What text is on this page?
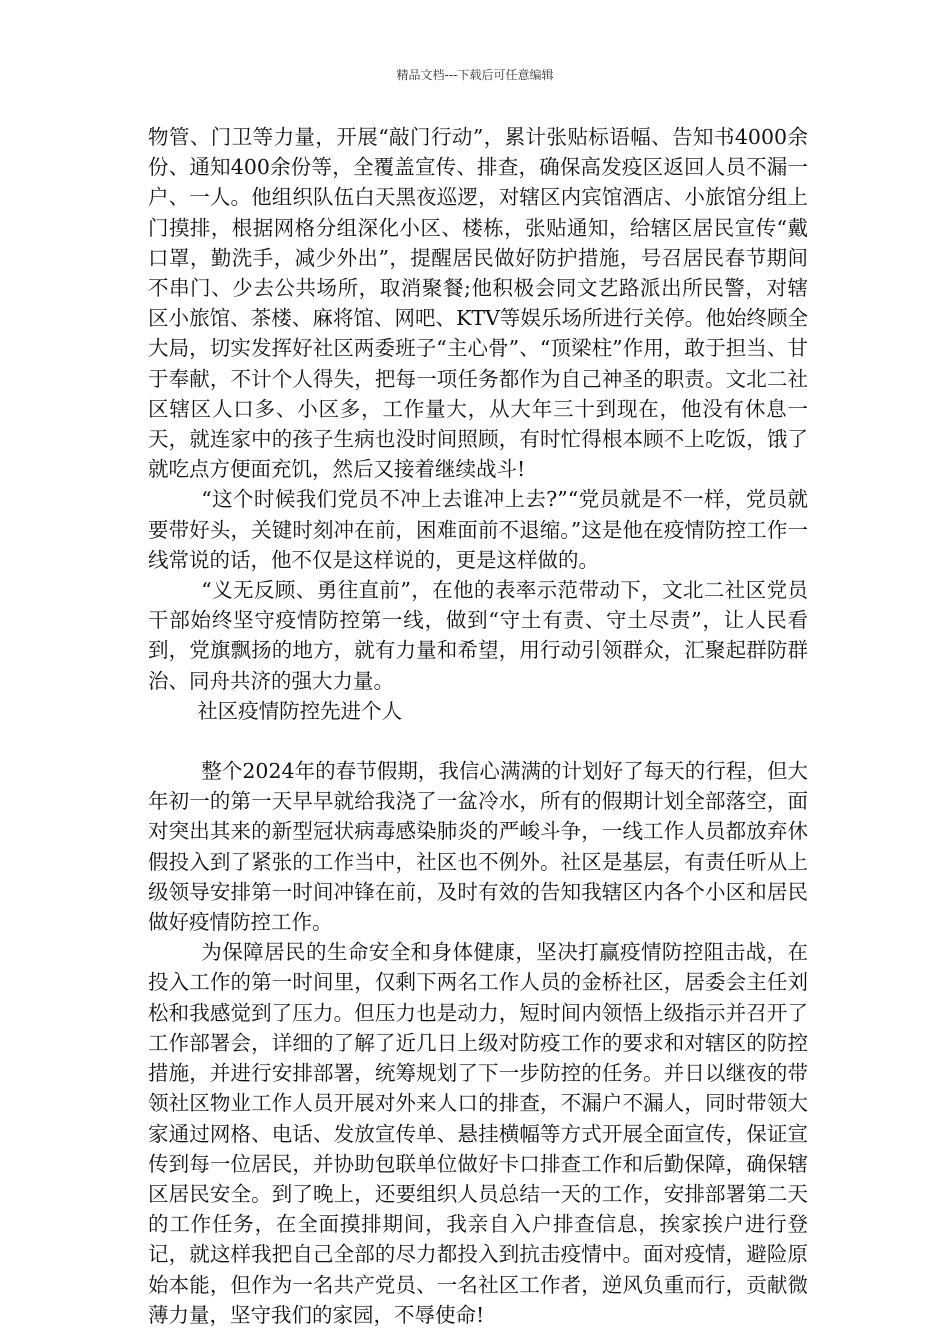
精品文档---下载后可任意编辑

物管、门卫等力量，开展“敲门行动”，累计张贴标语幅、告知书4000余份、通知400余份等，全覆盖宣传、排查，确保高发疫区返回人员不漏一户、一人。他组织队伍白天黑夜巡逻，对辖区内宾馆酒店、小旅馆分组上门摸排，根据网格分组深化小区、楼栋，张贴通知，给辖区居民宣传“戴口罩，勤洗手，减少外出”，提醒居民做好防护措施，号召居民春节期间不串门、少去公共场所，取消聚餐;他积极会同文艺路派出所民警，对辖区小旅馆、茶楼、麻将馆、网吧、KTV等娱乐场所进行关停。他始终顾全大局，切实发挥好社区两委班子“主心骨”、“顶梁柱”作用，敢于担当、甘于奉献，不计个人得失，把每一项任务都作为自己神圣的职责。文北二社区辖区人口多、小区多，工作量大，从大年三十到现在，他没有休息一天，就连家中的孩子生病也没时间照顾，有时忙得根本顾不上吃饭，饿了就吃点方便面充饥，然后又接着继续战斗!

“这个时候我们党员不冲上去谁冲上去?”“党员就是不一样，党员就要带好头，关键时刻冲在前，困难面前不退缩。”这是他在疫情防控工作一线常说的话，他不仅是这样说的，更是这样做的。

“义无反顾、勇往直前”，在他的表率示范带动下，文北二社区党员干部始终坚守疫情防控第一线，做到“守土有责、守土尽责”，让人民看到，党旗飘扬的地方，就有力量和希望，用行动引领群众，汇聚起群防群治、同舟共济的强大力量。

社区疫情防控先进个人

整个2024年的春节假期，我信心满满的计划好了每天的行程，但大年初一的第一天早早就给我浇了一盆冷水，所有的假期计划全部落空，面对突出其来的新型冠状病毒感染肺炎的严峻斗争，一线工作人员都放弃休假投入到了紧张的工作当中，社区也不例外。社区是基层，有责任听从上级领导安排第一时间冲锋在前，及时有效的告知我辖区内各个小区和居民做好疫情防控工作。

为保障居民的生命安全和身体健康，坚决打赢疫情防控阻击战，在投入工作的第一时间里，仅剩下两名工作人员的金桥社区，居委会主任刘松和我感觉到了压力。但压力也是动力，短时间内领悟上级指示并召开了工作部署会，详细的了解了近几日上级对防疫工作的要求和对辖区的防控措施，并进行安排部署，统筹规划了下一步防控的任务。并日以继夜的带领社区物业工作人员开展对外来人口的排查，不漏户不漏人，同时带领大家通过网格、电话、发放宣传单、悬挂横幅等方式开展全面宣传，保证宣传到每一位居民，并协助包联单位做好卡口排查工作和后勤保障，确保辖区居民安全。到了晚上，还要组织人员总结一天的工作，安排部署第二天的工作任务，在全面摸排期间，我亲自入户排查信息，挨家挨户进行登记，就这样我把自己全部的尽力都投入到抗击疫情中。面对疫情，避险原始本能，但作为一名共产党员、一名社区工作者，逆风负重而行，贡献微薄力量，坚守我们的家园，不辱使命!
